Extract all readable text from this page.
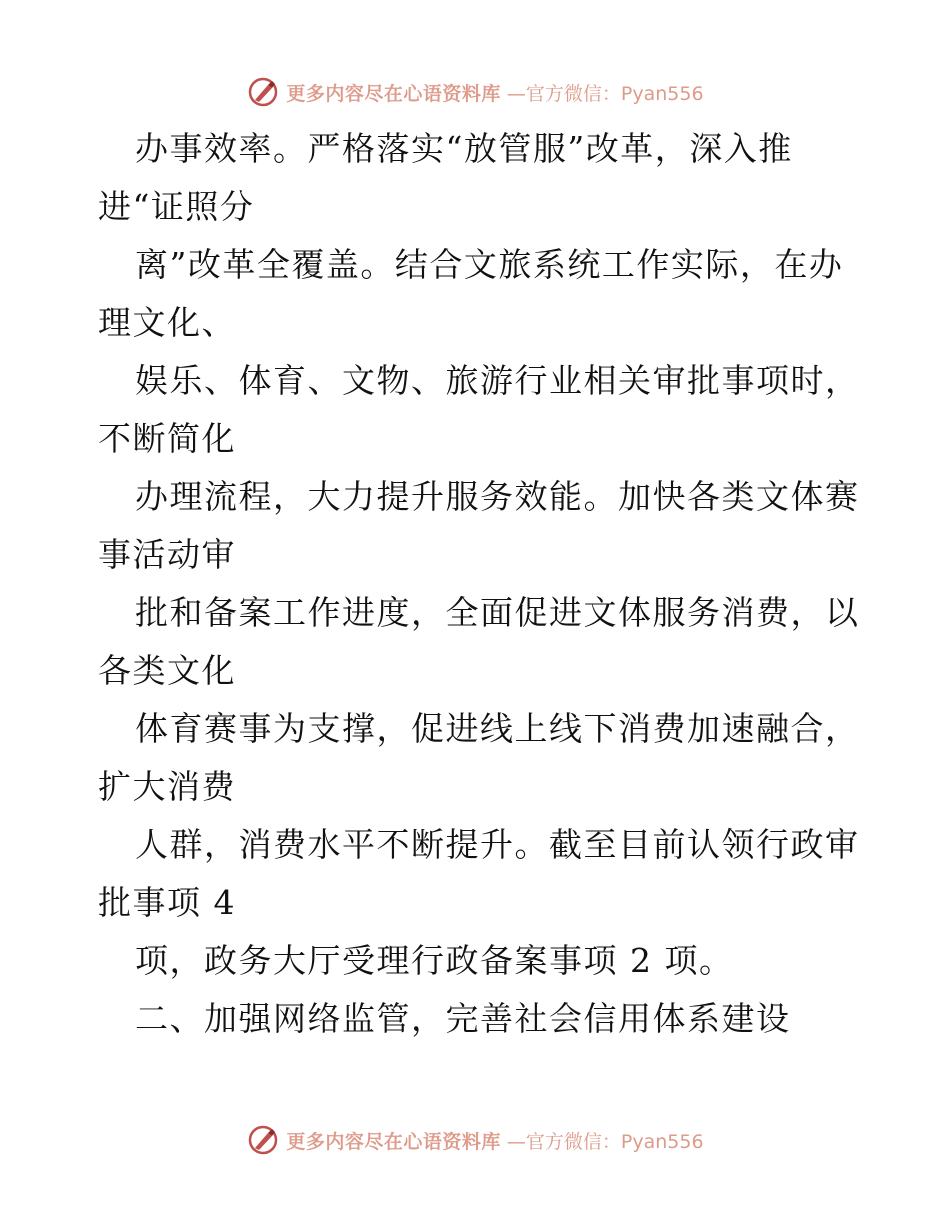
更多内容尽在心语资料库 —官方微信：Pyan556
办事效率。严格落实“放管服”改革，深入推
进“证照分
离”改革全覆盖。结合文旅系统工作实际，在办
理文化、
娱乐、体育、文物、旅游行业相关审批事项时，
不断简化
办理流程，大力提升服务效能。加快各类文体赛
事活动审
批和备案工作进度，全面促进文体服务消费，以
各类文化
体育赛事为支撑，促进线上线下消费加速融合，
扩大消费
人群，消费水平不断提升。截至目前认领行政审
批事项 4
项，政务大厅受理行政备案事项 2 项。
二、加强网络监管，完善社会信用体系建设
更多内容尽在心语资料库 —官方微信：Pyan556
